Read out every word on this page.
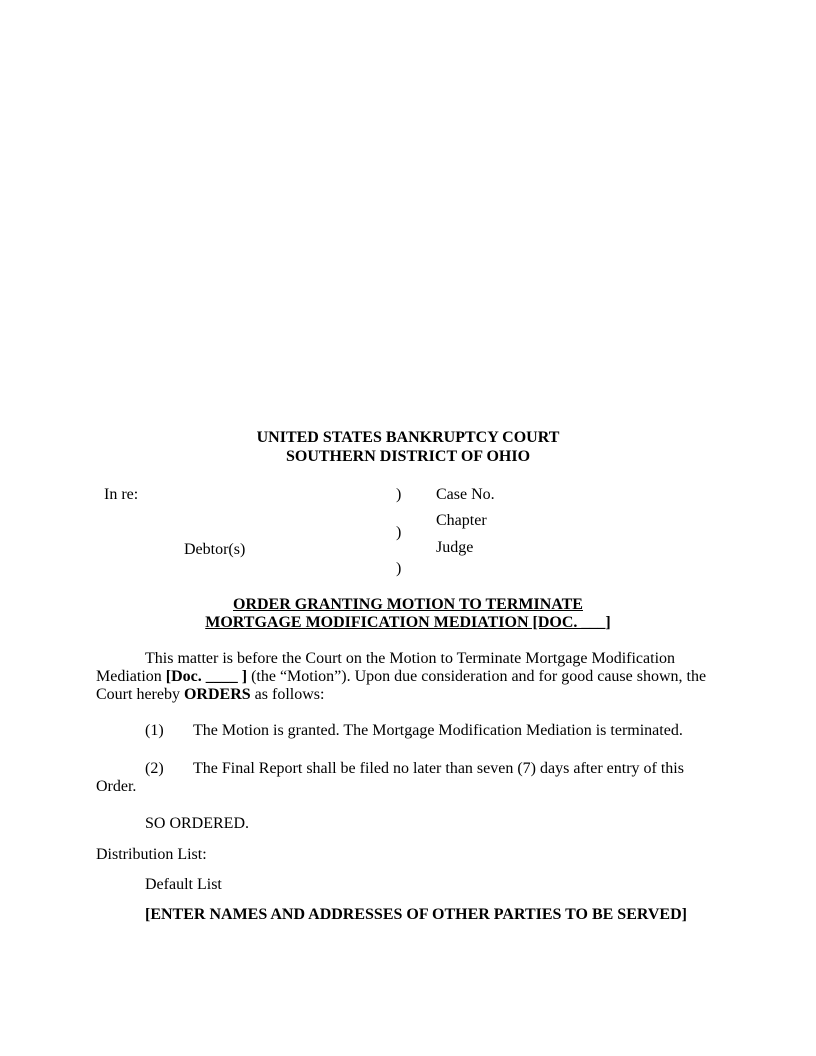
UNITED STATES BANKRUPTCY COURT
SOUTHERN DISTRICT OF OHIO
In re:
Debtor(s)
)
)
)
Case No.
Chapter
Judge
ORDER GRANTING MOTION TO TERMINATE
MORTGAGE MODIFICATION MEDIATION [DOC. ___]
This matter is before the Court on the Motion to Terminate Mortgage Modification
Mediation [Doc. ____ ] (the “Motion”). Upon due consideration and for good cause shown, the
Court hereby ORDERS as follows:
(1) The Motion is granted. The Mortgage Modification Mediation is terminated.
(2) The Final Report shall be filed no later than seven (7) days after entry of this
Order.
SO ORDERED.
Distribution List:
Default List
[ENTER NAMES AND ADDRESSES OF OTHER PARTIES TO BE SERVED]
